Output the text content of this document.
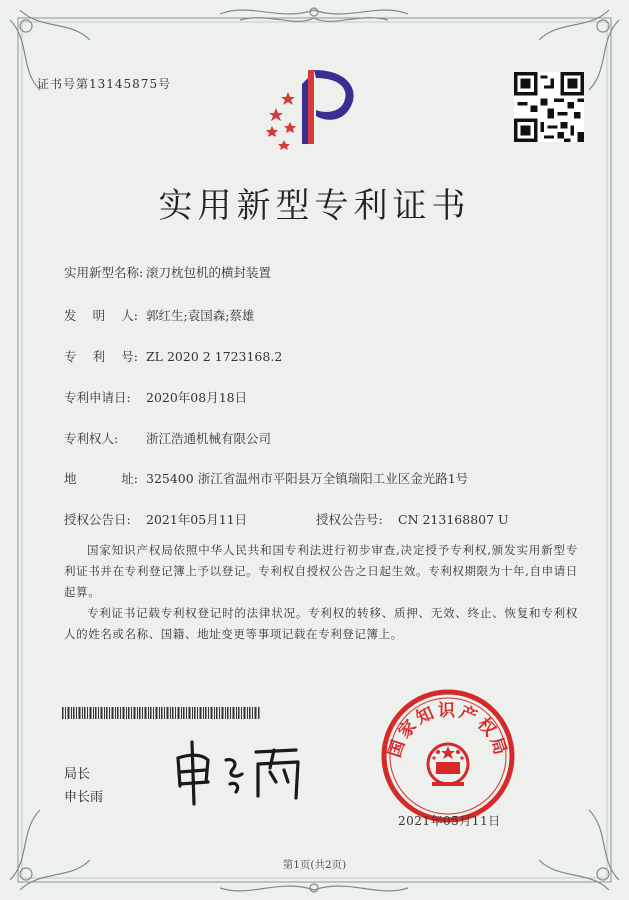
证书号第13145875号
实用新型专利证书
实用新型名称: 滚刀枕包机的横封装置
发 明 人: 郭红生;袁国森;蔡雄
专 利 号: ZL 2020 2 1723168.2
专利申请日: 2020年08月18日
专利权人: 浙江浩通机械有限公司
地	址: 325400 浙江省温州市平阳县万全镇瑞阳工业区金光路1号
授权公告日: 2021年05月11日	授权公告号: CN 213168807 U
国家知识产权局依照中华人民共和国专利法进行初步审查,决定授予专利权,颁发实用新型专利证书并在专利登记簿上予以登记。专利权自授权公告之日起生效。专利权期限为十年,自申请日起算。
专利证书记载专利权登记时的法律状况。专利权的转移、质押、无效、终止、恢复和专利权人的姓名或名称、国籍、地址变更等事项记载在专利登记簿上。
局长
申长雨
国家知识产权局
2021年05月11日
第1页(共2页)
